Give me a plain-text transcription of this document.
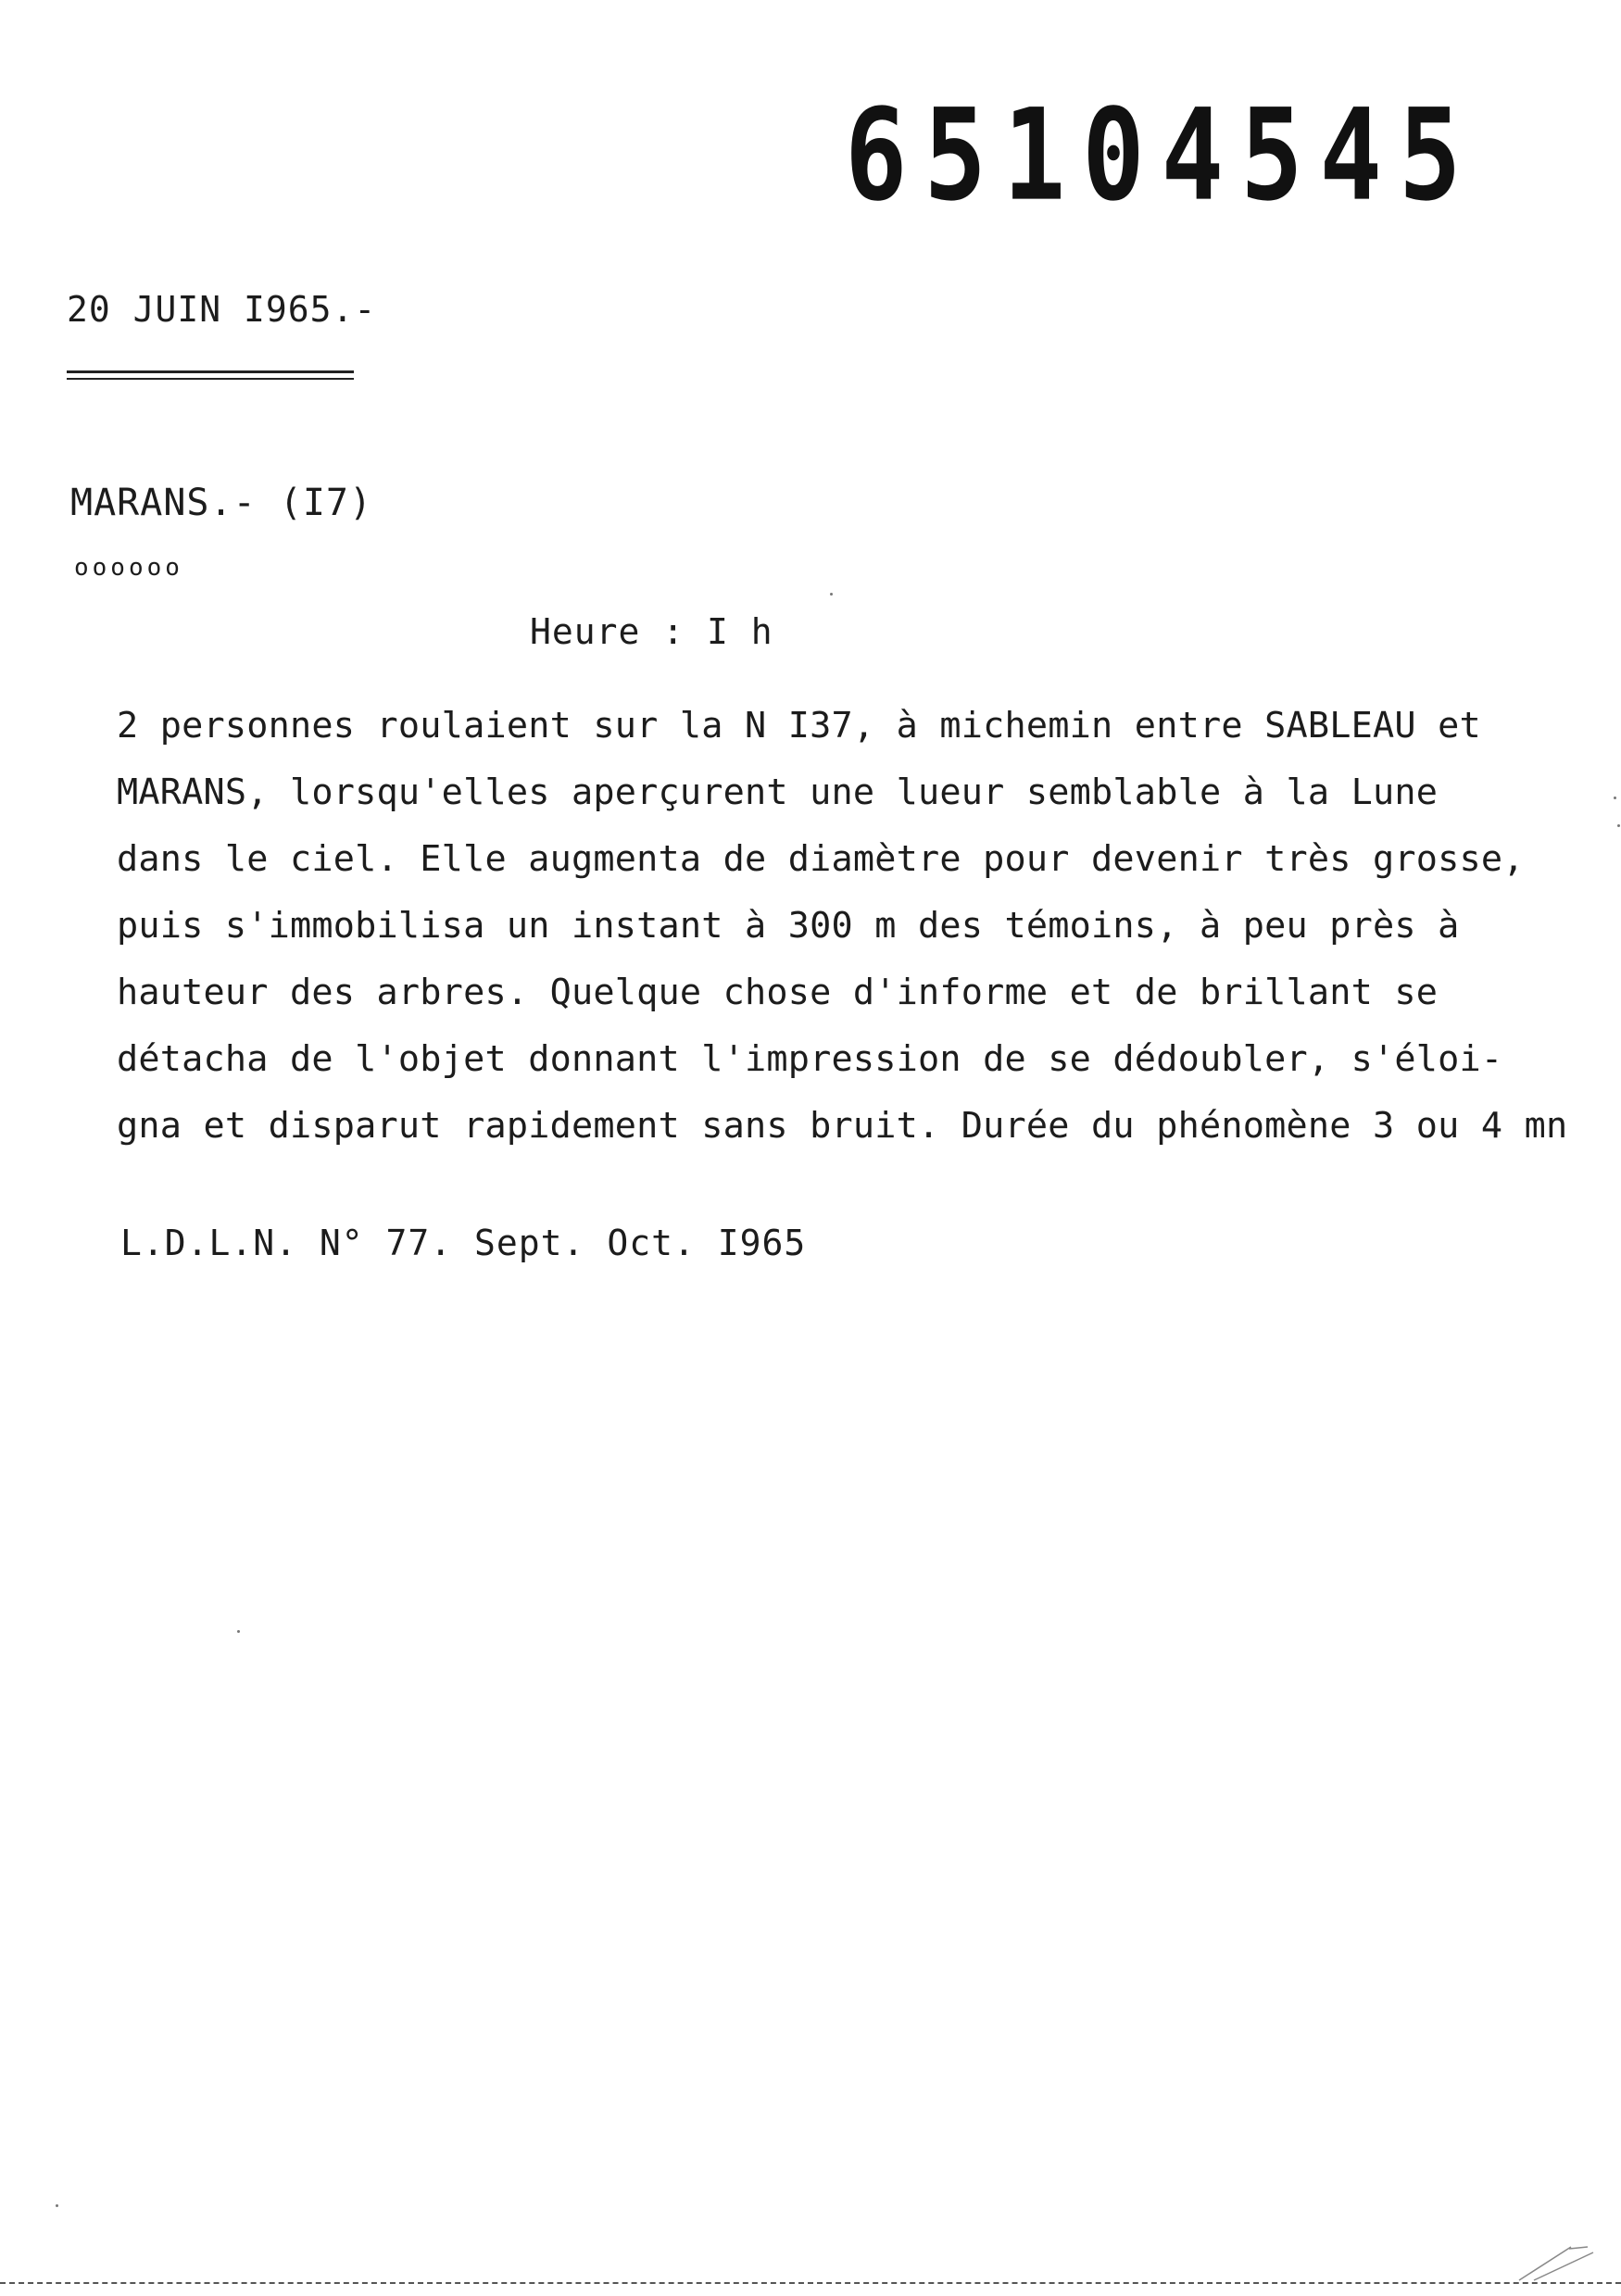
65104545
20 JUIN I965.-
MARANS.- (I7)
oooooo
Heure : I h
2 personnes roulaient sur la N I37, à michemin entre SABLEAU et
MARANS, lorsqu'elles aperçurent une lueur semblable à la Lune
dans le ciel. Elle augmenta de diamètre pour devenir très grosse,
puis s'immobilisa un instant à 300 m des témoins, à peu près à
hauteur des arbres. Quelque chose d'informe et de brillant se
détacha de l'objet donnant l'impression de se dédoubler, s'éloi-
gna et disparut rapidement sans bruit. Durée du phénomène 3 ou 4 mn
L.D.L.N. N° 77. Sept. Oct. I965
